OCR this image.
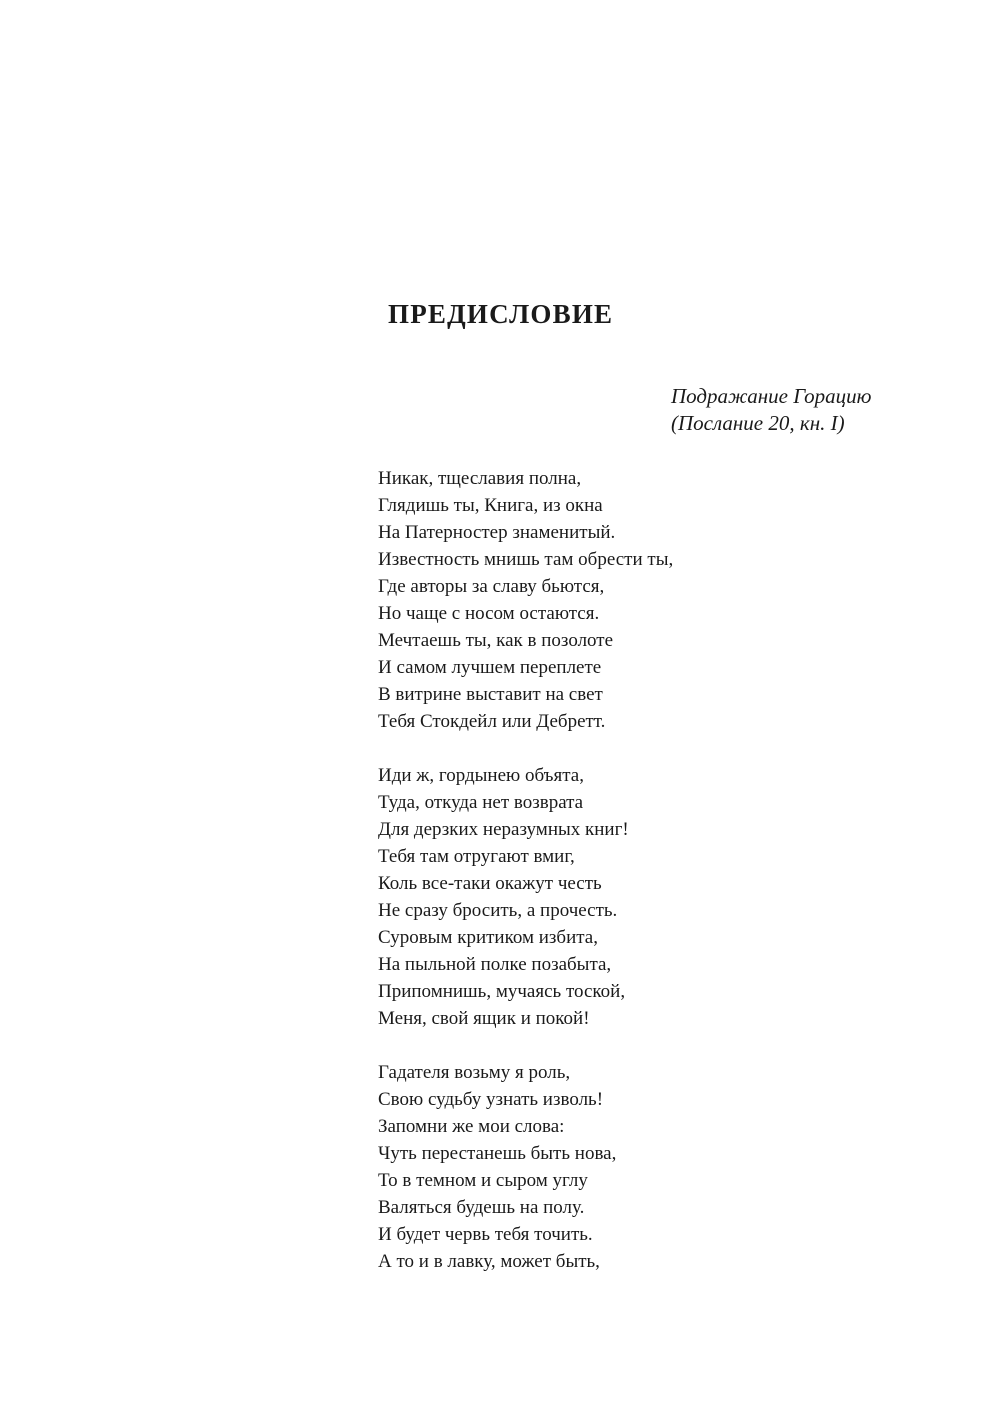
ПРЕДИСЛОВИЕ
Подражание Горацию
(Послание 20, кн. I)
Никак, тщеславия полна,
Глядишь ты, Книга, из окна
На Патерностер знаменитый.
Известность мнишь там обрести ты,
Где авторы за славу бьются,
Но чаще с носом остаются.
Мечтаешь ты, как в позолоте
И самом лучшем переплете
В витрине выставит на свет
Тебя Стокдейл или Дебретт.
Иди ж, гордынею объята,
Туда, откуда нет возврата
Для дерзких неразумных книг!
Тебя там отругают вмиг,
Коль все-таки окажут честь
Не сразу бросить, а прочесть.
Суровым критиком избита,
На пыльной полке позабыта,
Припомнишь, мучаясь тоской,
Меня, свой ящик и покой!
Гадателя возьму я роль,
Свою судьбу узнать изволь!
Запомни же мои слова:
Чуть перестанешь быть нова,
То в темном и сыром углу
Валяться будешь на полу.
И будет червь тебя точить.
А то и в лавку, может быть,
